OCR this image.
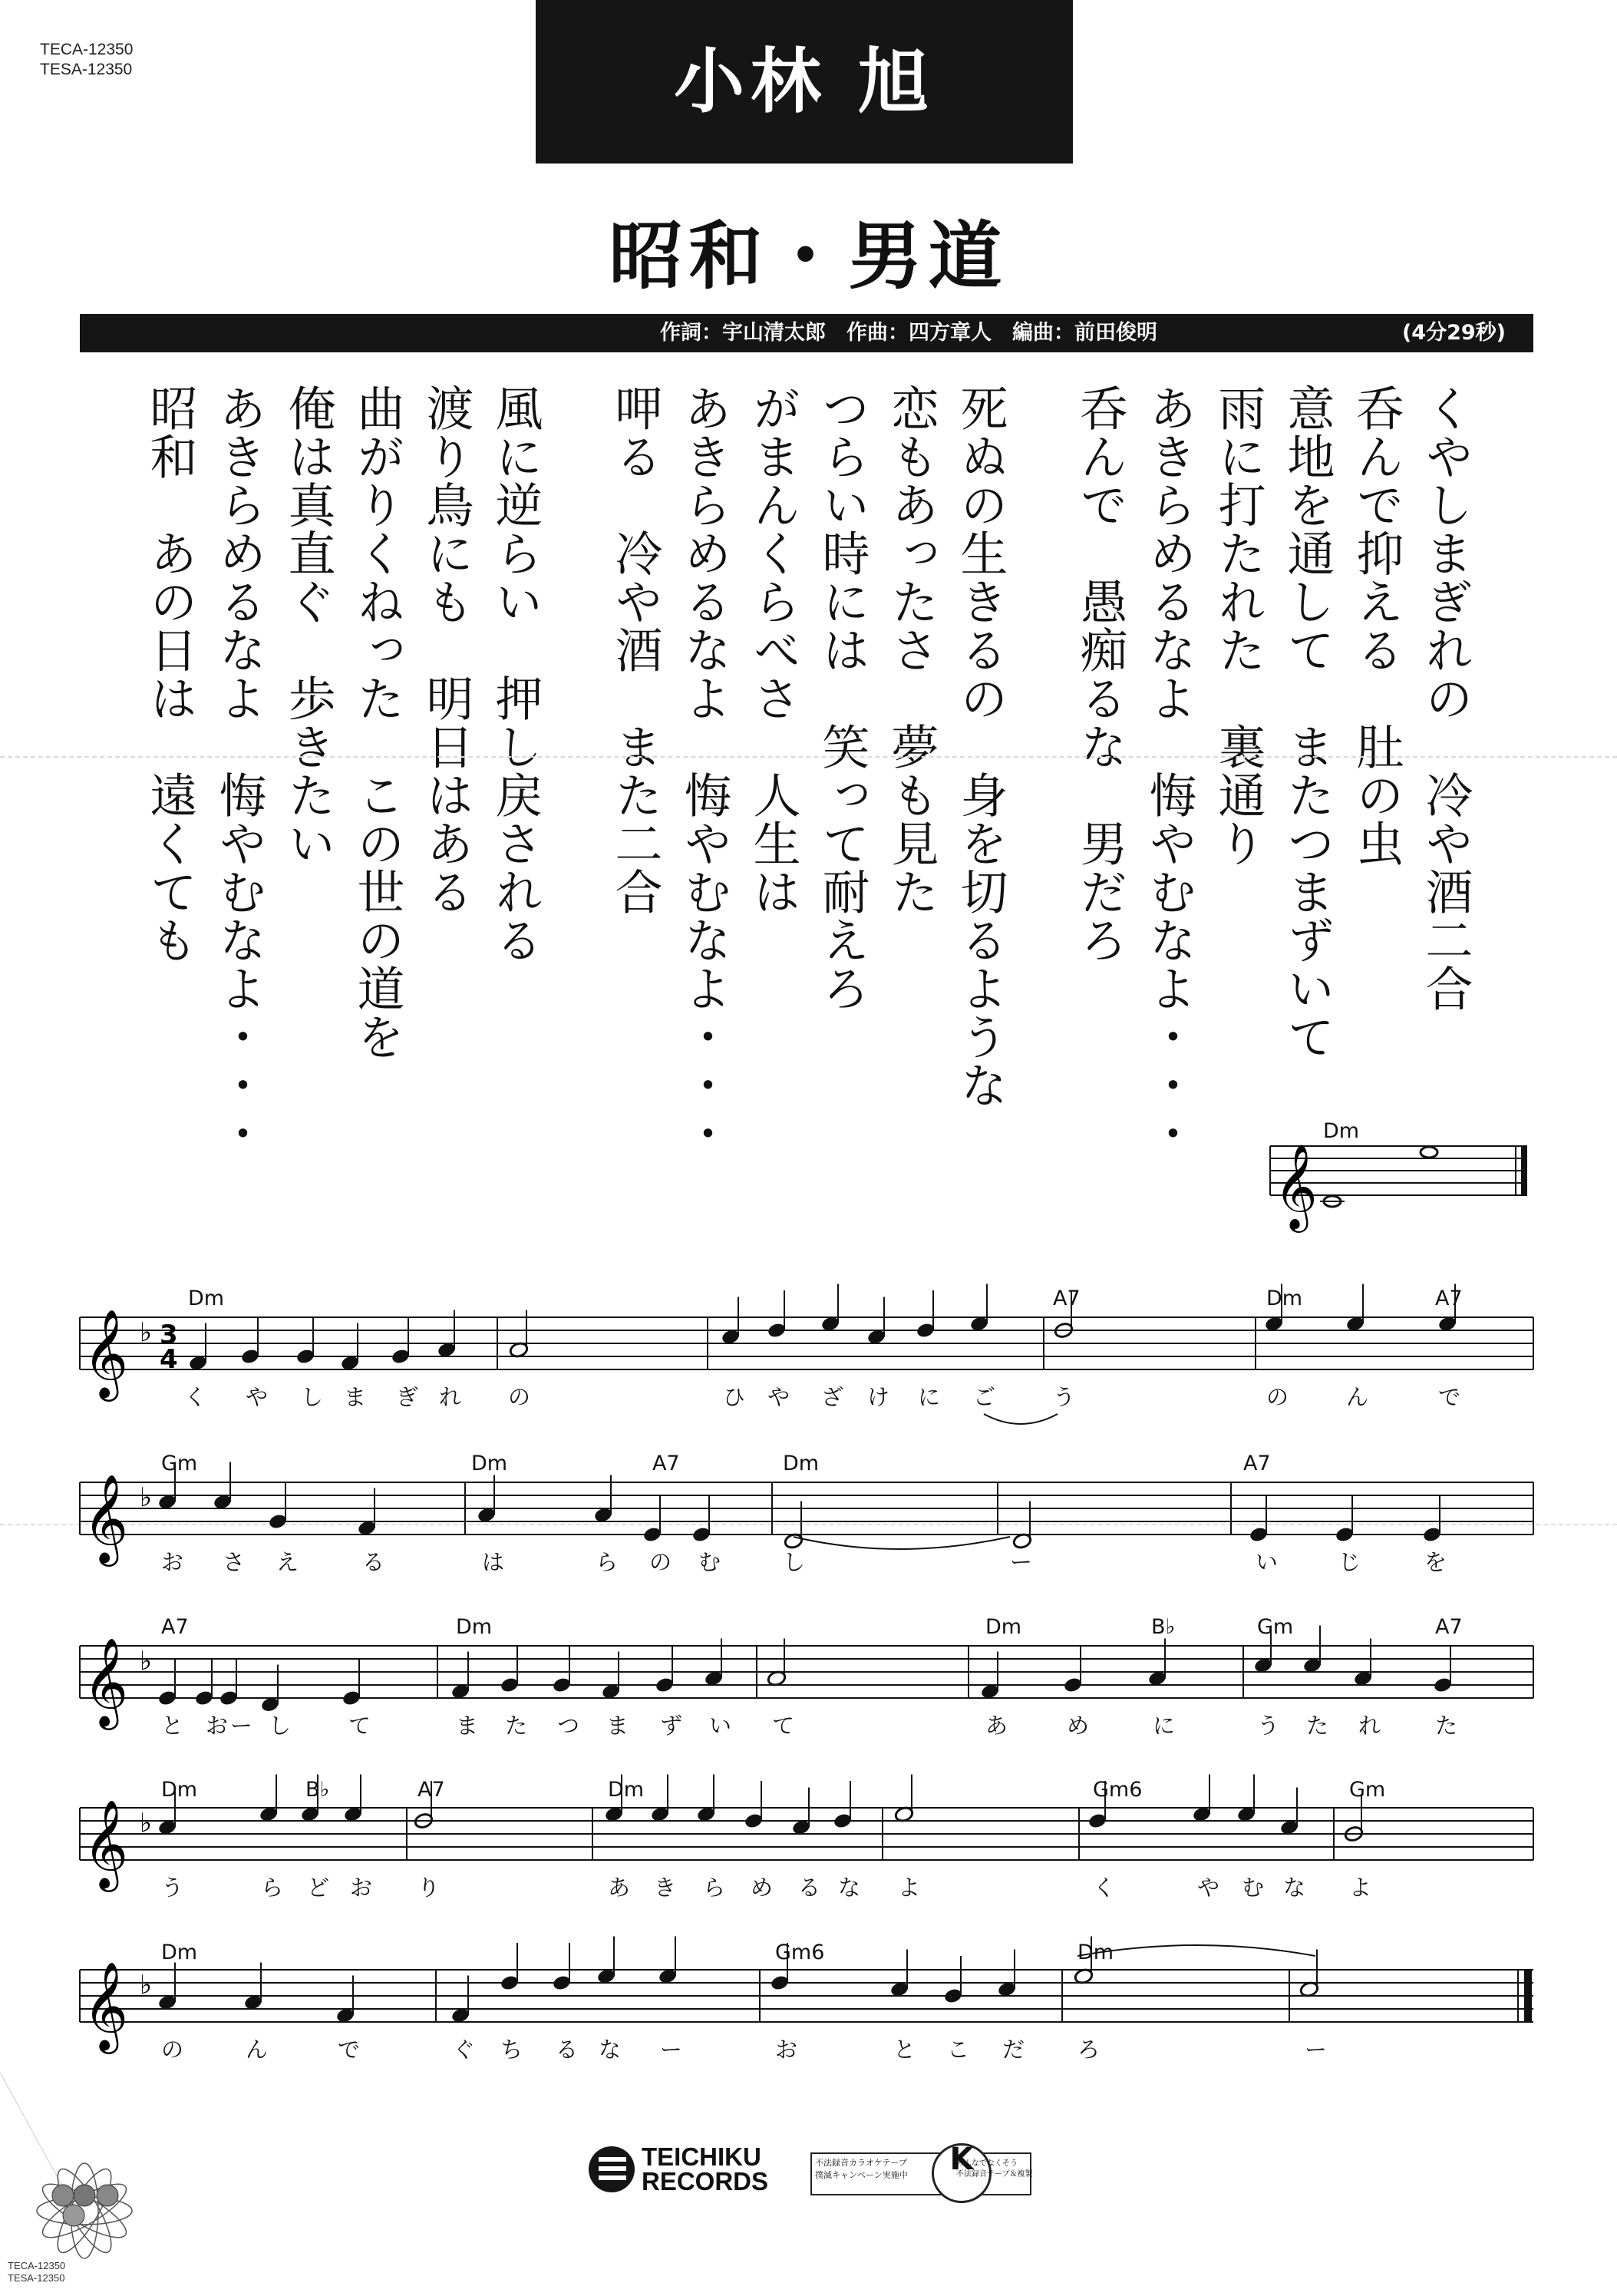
TECA-12350
TESA-12350	小林 旭
昭和・男道
作詞：宇山清太郎　作曲：四方章人　編曲：前田俊明	(4分29秒)
くやしまぎれの　冷や酒二合
呑んで抑える　肚の虫
意地を通して　またつまずいて
雨に打たれた　裏通り
あきらめるなよ　悔やむなよ・・・
呑んで　愚痴るな　男だろ
死ぬの生きるの　身を切るような
恋もあったさ　夢も見た
つらい時には　笑って耐えろ
がまんくらべさ　人生は
あきらめるなよ　悔やむなよ・・・
呷る　冷や酒　また二合
風に逆らい　押し戻される
渡り鳥にも　明日はある
曲がりくねった　この世の道を
俺は真直ぐ　歩きたい
あきらめるなよ　悔やむなよ・・・
昭和　あの日は　遠くても
𝄞
Dm
𝄞 ♭ 3
4
Dm	A7	Dm	A7
く や し ま ぎ れ の	ひ や ざ け に ご	う	の	ん	で
𝄞 ♭
Gm	Dm	A7	Dm	A7
お さ え	る	は	ら の む	し	ー	い	じ	を
𝄞 ♭
A7	Dm	Dm	B♭	Gm	A7
と お ー し	て	ま た つ ま ず い て	あ	め	に	う た れ た
𝄞 ♭
Dm	B♭	A7	Dm	Gm6	Gm
う	ら ど お り	あ き ら め る な よ	く	や む な よ
𝄞 ♭
Dm	Gm6	Dm
の	ん	で	ぐ ち る な ー	お	と こ だ ろ	ー
TEICHIKU
RECORDS
不法録音カラオケテープ
撲滅キャンペーン実施中	K
みんなでなくそう
不法録音テープ＆複製
TECA-12350
TESA-12350
